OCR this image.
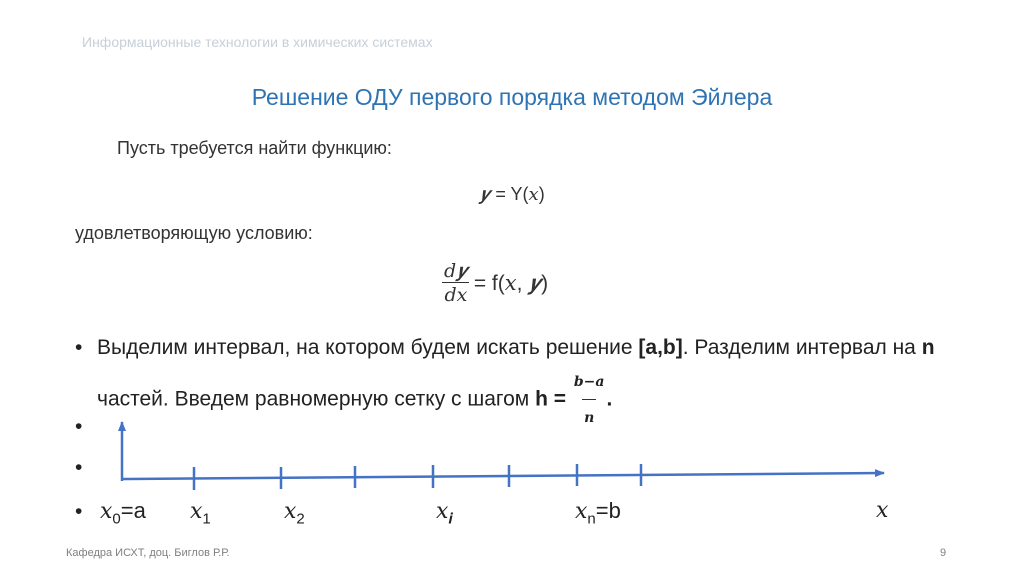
Информационные технологии в химических системах
Решение ОДУ первого порядка методом Эйлера
Пусть требуется найти функцию:
𝒚 = Y(𝑥)
удовлетворяющую условию:
$\frac{\text{𝑑𝒚}}{\text{𝑑𝑥}}$ = f(𝑥, 𝒚)
• Выделим интервал, на котором будем искать решение [a,b]. Разделим интервал на n частей. Введем равномерную сетку с шагом $h = \frac{\text{𝒃−𝒂}}{\text{𝒏}}$ .
•
•
• 𝑥$_0$=a 𝑥$_1$	𝑥$_2$	𝑥$_𝒊$	𝑥$_n$=b	𝑥
Кафедра ИСХТ, доц. Биглов Р.Р.	9
